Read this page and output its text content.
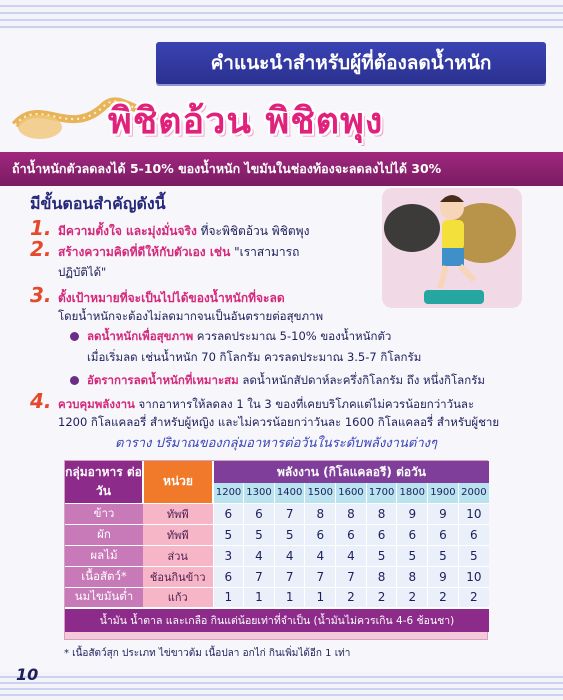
คำแนะนำสำหรับผู้ที่ต้องลดน้ำหนัก
พิชิตอ้วน พิชิตพุง
ถ้าน้ำหนักตัวลดลงได้ 5-10% ของน้ำหนัก ไขมันในช่องท้องจะลดลงไปได้ 30%
มีขั้นตอนสำคัญดังนี้
1. มีความตั้งใจ และมุ่งมั่นจริง ที่จะพิชิตอ้วน พิชิตพุง
2. สร้างความคิดที่ดีให้กับตัวเอง เช่น "เราสามารถ
ปฏิบัติได้"
3. ตั้งเป้าหมายที่จะเป็นไปได้ของน้ำหนักที่จะลด
โดยน้ำหนักจะต้องไม่ลดมากจนเป็นอันตรายต่อสุขภาพ
ลดน้ำหนักเพื่อสุขภาพ ควรลดประมาณ 5-10% ของน้ำหนักตัว
เมื่อเริ่มลด เช่นน้ำหนัก 70 กิโลกรัม ควรลดประมาณ 3.5-7 กิโลกรัม
อัตราการลดน้ำหนักที่เหมาะสม ลดน้ำหนักสัปดาห์ละครึ่งกิโลกรัม ถึง หนึ่งกิโลกรัม
4. ควบคุมพลังงาน จากอาหารให้ลดลง 1 ใน 3 ของที่เคยบริโภคแต่ไม่ควรน้อยกว่าวันละ
1200 กิโลแคลอรี่ สำหรับผู้หญิง และไม่ควรน้อยกว่าวันละ 1600 กิโลแคลอรี่ สำหรับผู้ชาย
ตาราง ปริมาณของกลุ่มอาหารต่อวันในระดับพลังงานต่างๆ
กลุ่มอาหาร ต่อวัน	หน่วย	พลังงาน (กิโลแคลอรี) ต่อวัน								
		1200	1300	1400	1500	1600	1700	1800	1900	2000
ข้าว	ทัพพี	6	6	7	8	8	8	9	9	10
ผัก	ทัพพี	5	5	5	6	6	6	6	6	6
ผลไม้	ส่วน	3	4	4	4	4	5	5	5	5
เนื้อสัตว์*	ช้อนกินข้าว	6	7	7	7	7	8	8	9	10
นมไขมันต่ำ	แก้ว	1	1	1	1	2	2	2	2	2
น้ำมัน น้ำตาล และเกลือ กินแต่น้อยเท่าที่จำเป็น (น้ำมันไม่ควรเกิน 4-6 ช้อนชา)										
* เนื้อสัตว์สุก ประเภท ไข่ขาวต้ม เนื้อปลา อกไก่ กินเพิ่มได้อีก 1 เท่า
10
